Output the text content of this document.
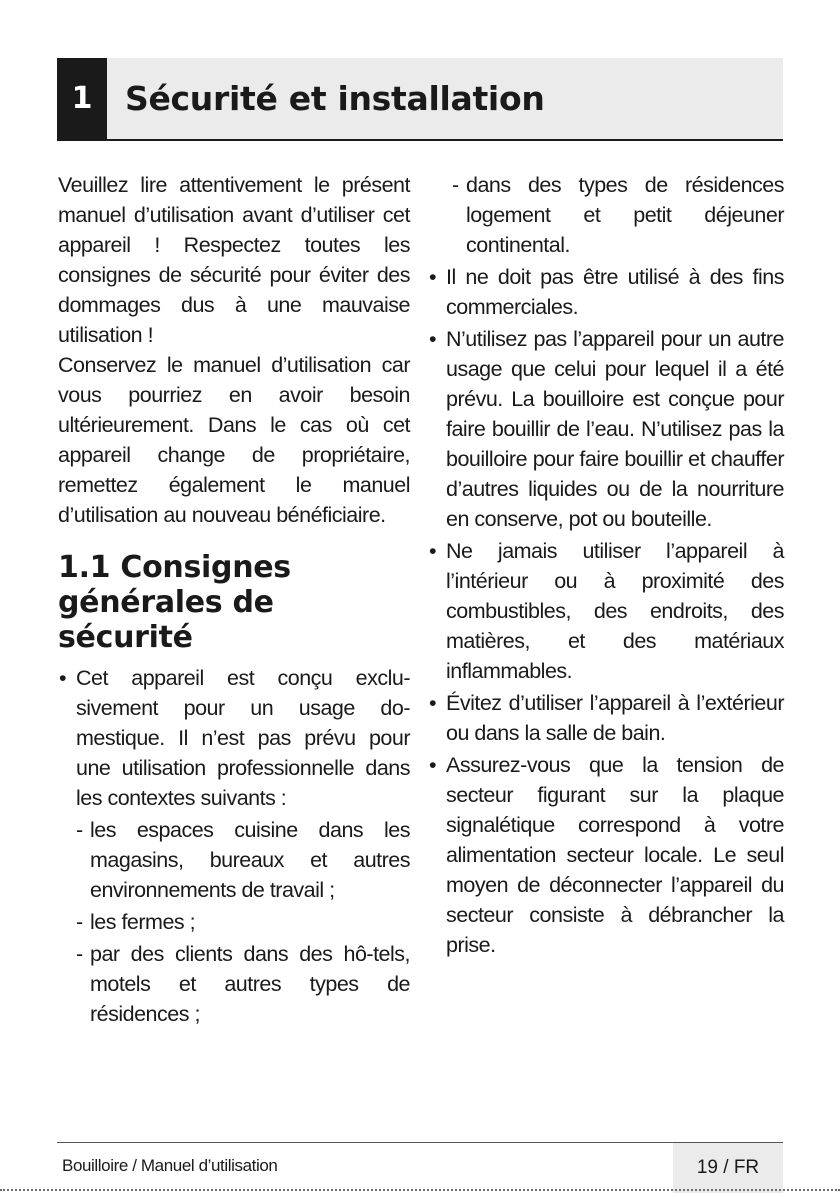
1 Sécurité et installation

Veuillez lire attentivement le présent manuel d’utilisation avant d’utiliser cet appareil ! Respectez toutes les consignes de sécurité pour éviter des dommages dus à une mauvaise utilisation !

Conservez le manuel d’utilisation car vous pourriez en avoir besoin ultérieurement. Dans le cas où cet appareil change de propriétaire, remettez également le manuel d’utilisation au nouveau bénéficiaire.

1.1 Consignes générales de sécurité
• Cet appareil est conçu exclu-sivement pour un usage do-mestique. Il n’est pas prévu pour une utilisation professionnelle dans les contextes suivants :
- les espaces cuisine dans les magasins, bureaux et autres environnements de travail ;
- les fermes ;
- par des clients dans des hô-tels, motels et autres types de résidences ;
- dans des types de résidences logement et petit déjeuner continental.
• Il ne doit pas être utilisé à des fins commerciales.
• N’utilisez pas l’appareil pour un autre usage que celui pour lequel il a été prévu. La bouilloire est conçue pour faire bouillir de l’eau. N’utilisez pas la bouilloire pour faire bouillir et chauffer d’autres liquides ou de la nourriture en conserve, pot ou bouteille.
• Ne jamais utiliser l’appareil à l’intérieur ou à proximité des combustibles, des endroits, des matières, et des matériaux inflammables.
• Évitez d’utiliser l’appareil à l’extérieur ou dans la salle de bain.
• Assurez-vous que la tension de secteur figurant sur la plaque signalétique correspond à votre alimentation secteur locale. Le seul moyen de déconnecter l’appareil du secteur consiste à débrancher la prise.
Bouilloire / Manuel d’utilisation	19 / FR
